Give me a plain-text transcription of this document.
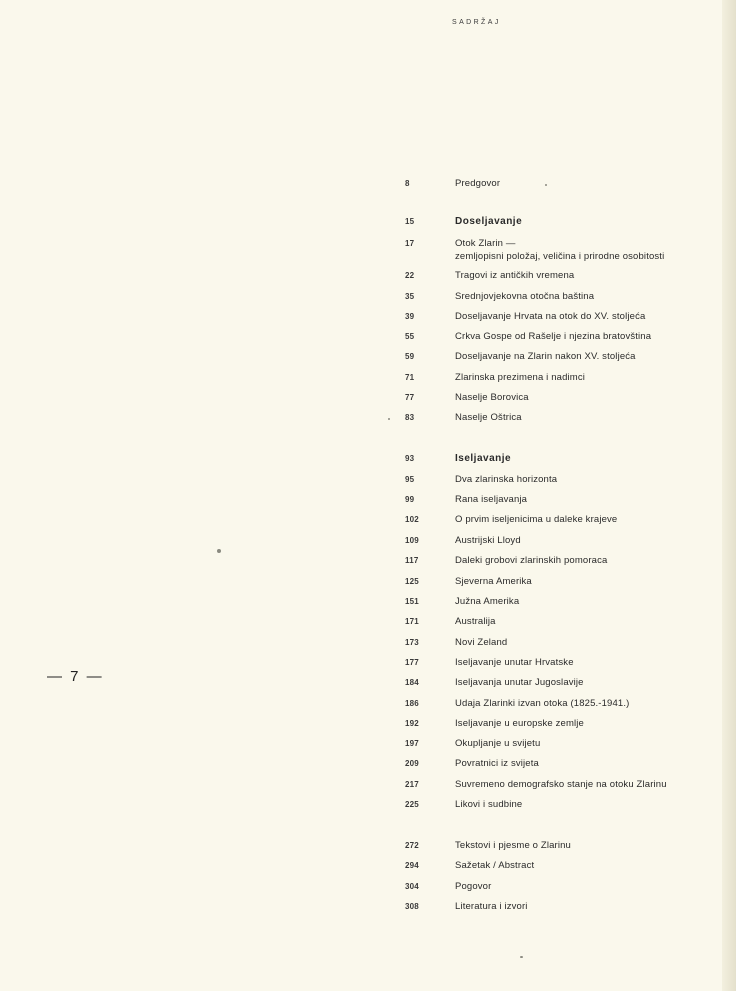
SADRŽAJ
— 7 —
8	Predgovor
15	Doseljavanje
17	Otok Zlarin —
zemljopisni položaj, veličina i prirodne osobitosti
22	Tragovi iz antičkih vremena
35	Srednjovjekovna otočna baština
39	Doseljavanje Hrvata na otok do XV. stoljeća
55	Crkva Gospe od Rašelje i njezina bratovština
59	Doseljavanje na Zlarin nakon XV. stoljeća
71	Zlarinska prezimena i nadimci
77	Naselje Borovica
83	Naselje Oštrica
93	Iseljavanje
95	Dva zlarinska horizonta
99	Rana iseljavanja
102	O prvim iseljenicima u daleke krajeve
109	Austrijski Lloyd
117	Daleki grobovi zlarinskih pomoraca
125	Sjeverna Amerika
151	Južna Amerika
171	Australija
173	Novi Zeland
177	Iseljavanje unutar Hrvatske
184	Iseljavanja unutar Jugoslavije
186	Udaja Zlarinki izvan otoka (1825.-1941.)
192	Iseljavanje u europske zemlje
197	Okupljanje u svijetu
209	Povratnici iz svijeta
217	Suvremeno demografsko stanje na otoku Zlarinu
225	Likovi i sudbine
272	Tekstovi i pjesme o Zlarinu
294	Sažetak / Abstract
304	Pogovor
308	Literatura i izvori
